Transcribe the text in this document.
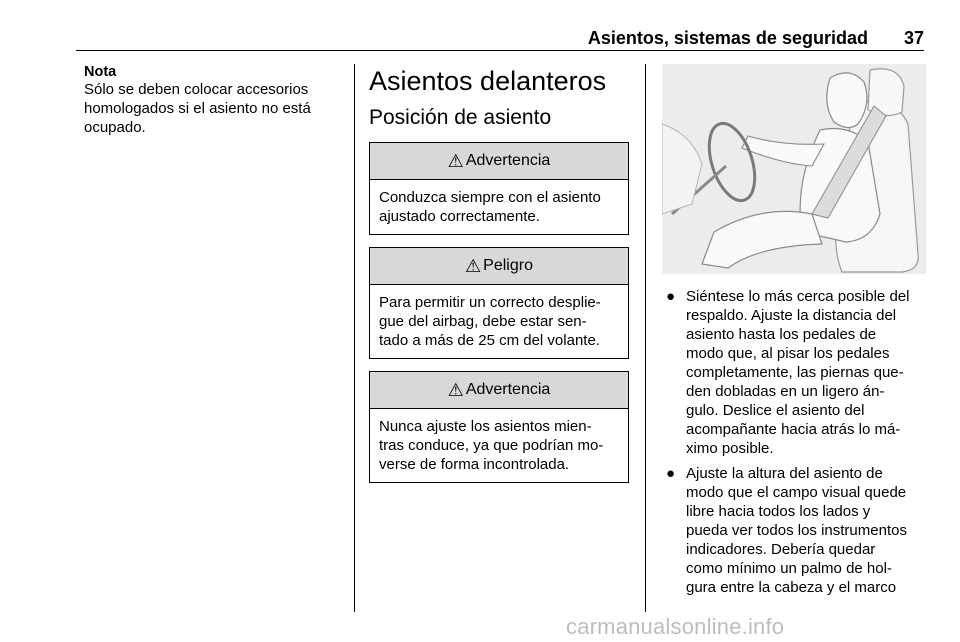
Asientos, sistemas de seguridad 37
Nota
Sólo se deben colocar accesorios
homologados si el asiento no está
ocupado.
Asientos delanteros
Posición de asiento
⚠ Advertencia
Conduzca siempre con el asiento
ajustado correctamente.
⚠ Peligro
Para permitir un correcto desplie-
gue del airbag, debe estar sen-
tado a más de 25 cm del volante.
⚠ Advertencia
Nunca ajuste los asientos mien-
tras conduce, ya que podrían mo-
verse de forma incontrolada.
● Siéntese lo más cerca posible del
respaldo. Ajuste la distancia del
asiento hasta los pedales de
modo que, al pisar los pedales
completamente, las piernas que-
den dobladas en un ligero án-
gulo. Deslice el asiento del
acompañante hacia atrás lo má-
ximo posible.
● Ajuste la altura del asiento de
modo que el campo visual quede
libre hacia todos los lados y
pueda ver todos los instrumentos
indicadores. Debería quedar
como mínimo un palmo de hol-
gura entre la cabeza y el marco
carmanualsonline.info
